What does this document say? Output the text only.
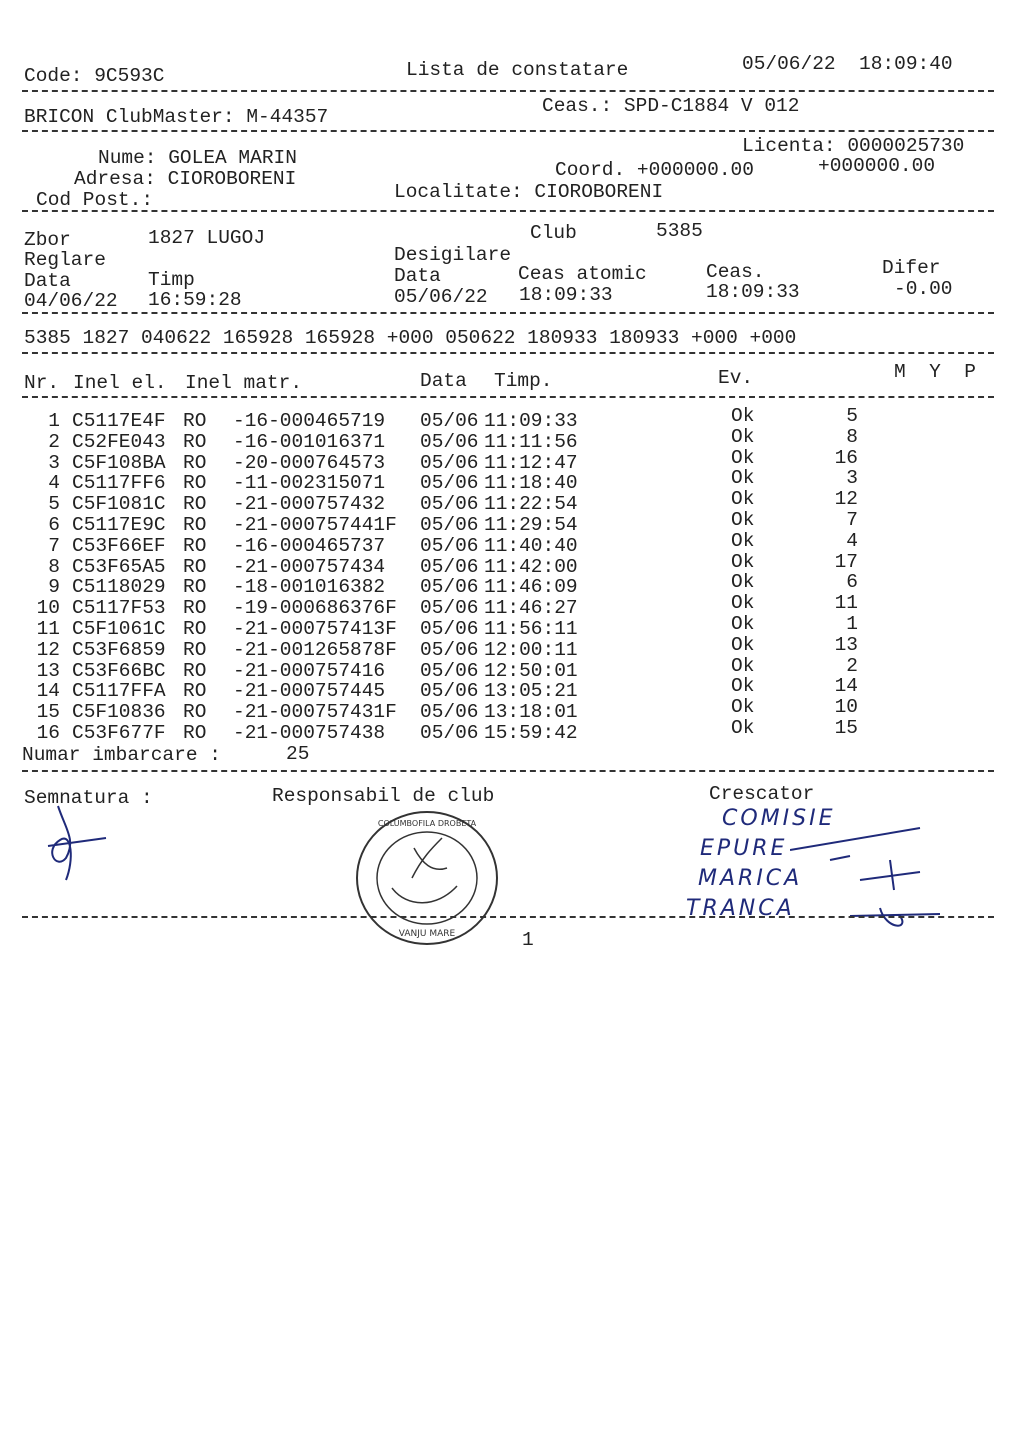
Code: 9C593C	Lista de constatare	05/06/22  18:09:40
BRICON ClubMaster: M-44357	Ceas.: SPD-C1884 V 012
Licenta: 0000025730
Nume: GOLEA MARIN
Coord. +000000.00	+000000.00
Adresa: CIOROBORENI
Localitate: CIOROBORENI
Cod Post.:
Zbor	1827 LUGOJ	Club	5385
Reglare	Desigilare
Data	Timp	Data	Ceas atomic	Ceas.	Difer
04/06/22 16:59:28	05/06/22 18:09:33	18:09:33	-0.00
5385 1827 040622 165928 165928 +000 050622 180933 180933 +000 +000
Nr. Inel el. Inel matr.	Data Timp.	Ev.	M  Y  P
1 C5117E4F RO -16-000465719 05/06 11:09:33	Ok	5
2 C52FE043 RO -16-001016371 05/06 11:11:56	Ok	8
3 C5F108BA RO -20-000764573 05/06 11:12:47	Ok	16
4 C5117FF6 RO -11-002315071 05/06 11:18:40	Ok	3
5 C5F1081C RO -21-000757432 05/06 11:22:54	Ok	12
6 C5117E9C RO -21-000757441F 05/06 11:29:54	Ok	7
7 C53F66EF RO -16-000465737 05/06 11:40:40	Ok	4
8 C53F65A5 RO -21-000757434 05/06 11:42:00	Ok	17
9 C5118029 RO -18-001016382 05/06 11:46:09	Ok	6
10 C5117F53 RO -19-000686376F 05/06 11:46:27	Ok	11
11 C5F1061C RO -21-000757413F 05/06 11:56:11	Ok	1
12 C53F6859 RO -21-001265878F 05/06 12:00:11	Ok	13
13 C53F66BC RO -21-000757416 05/06 12:50:01	Ok	2
14 C5117FFA RO -21-000757445 05/06 13:05:21	Ok	14
15 C5F10836 RO -21-000757431F 05/06 13:18:01	Ok	10
16 C53F677F RO -21-000757438 05/06 15:59:42	Ok	15
Numar imbarcare :	25
Semnatura :	Responsabil de club	Crescator
VANJU MARE
COLUMBOFILA DROBETA	COMISIE
EPURE
MARICA
TRANCA
1
